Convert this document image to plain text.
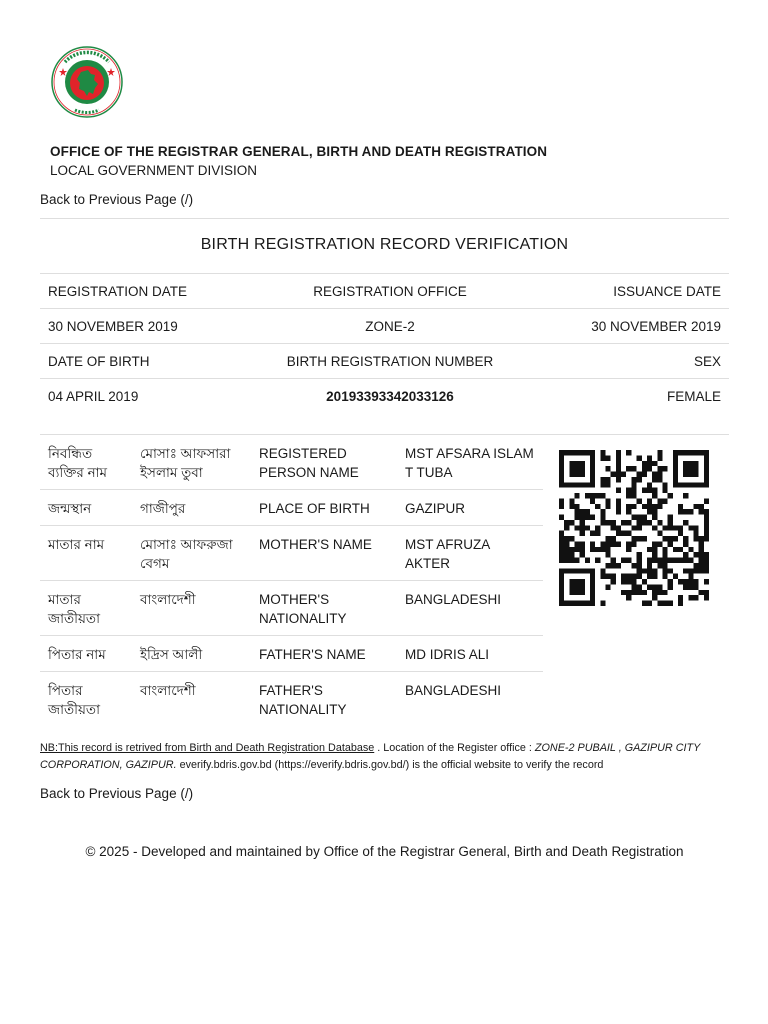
OFFICE OF THE REGISTRAR GENERAL, BIRTH AND DEATH REGISTRATION
LOCAL GOVERNMENT DIVISION
Back to Previous Page (/)
BIRTH REGISTRATION RECORD VERIFICATION
REGISTRATION DATE	REGISTRATION OFFICE	ISSUANCE DATE
30 NOVEMBER 2019	ZONE-2	30 NOVEMBER 2019
DATE OF BIRTH	BIRTH REGISTRATION NUMBER	SEX
04 APRIL 2019	20193393342033126	FEMALE
নিবন্ধিত ব্যক্তির নাম	মোসাঃ আফসারা ইসলাম তুবা	REGISTERED PERSON NAME	MST AFSARA ISLAM T TUBA
জন্মস্থান	গাজীপুর	PLACE OF BIRTH	GAZIPUR
মাতার নাম	মোসাঃ আফরুজা বেগম	MOTHER'S NAME	MST AFRUZA AKTER
মাতার জাতীয়তা	বাংলাদেশী	MOTHER'S NATIONALITY	BANGLADESHI
পিতার নাম	ইদ্রিস আলী	FATHER'S NAME	MD IDRIS ALI
পিতার জাতীয়তা	বাংলাদেশী	FATHER'S NATIONALITY	BANGLADESHI
NB:This record is retrived from Birth and Death Registration Database . Location of the Register office : ZONE-2 PUBAIL , GAZIPUR CITY CORPORATION, GAZIPUR. everify.bdris.gov.bd (https://everify.bdris.gov.bd/) is the official website to verify the record
Back to Previous Page (/)
© 2025 - Developed and maintained by Office of the Registrar General, Birth and Death Registration
